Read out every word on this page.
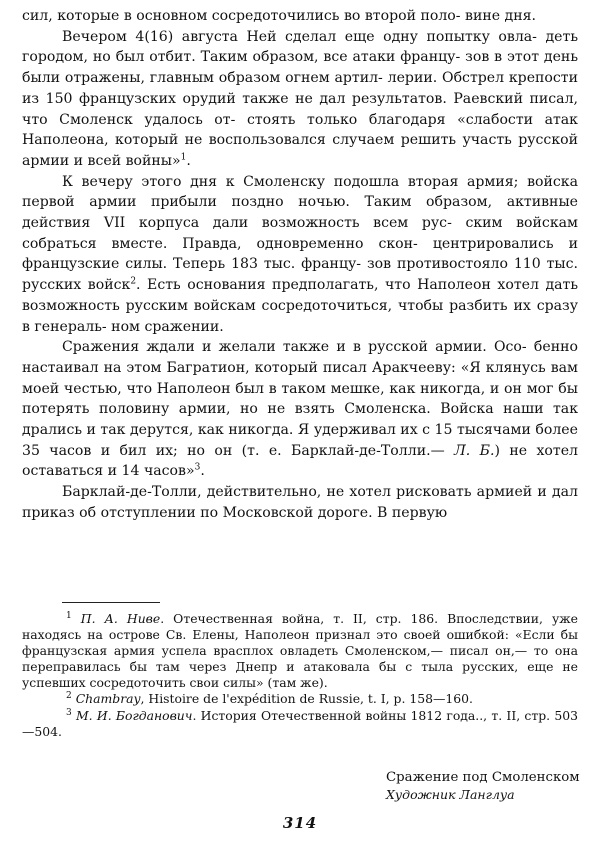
сил, которые в основном сосредоточились во второй поло- вине дня.

Вечером 4(16) августа Ней сделал еще одну попытку овла- деть городом, но был отбит. Таким образом, все атаки францу- зов в этот день были отражены, главным образом огнем артил- лерии. Обстрел крепости из 150 французских орудий также не дал результатов. Раевский писал, что Смоленск удалось от- стоять только благодаря «слабости атак Наполеона, который не воспользовался случаем решить участь русской армии и всей войны»$^1$.

К вечеру этого дня к Смоленску подошла вторая армия; войска первой армии прибыли поздно ночью. Таким образом, активные действия VII корпуса дали возможность всем рус- ским войскам собраться вместе. Правда, одновременно скон- центрировались и французские силы. Теперь 183 тыс. францу- зов противостояло 110 тыс. русских войск$^2$. Есть основания предполагать, что Наполеон хотел дать возможность русским войскам сосредоточиться, чтобы разбить их сразу в генераль- ном сражении.

Сражения ждали и желали также и в русской армии. Осо- бенно настаивал на этом Багратион, который писал Аракчееву: «Я клянусь вам моей честью, что Наполеон был в таком мешке, как никогда, и он мог бы потерять половину армии, но не взять Смоленска. Войска наши так дрались и так дерутся, как никогда. Я удерживал их с 15 тысячами более 35 часов и бил их; но он (т. е. Барклай-де-Толли.— Л. Б.) не хотел оставаться и 14 часов»$^3$.

Барклай-де-Толли, действительно, не хотел рисковать армией и дал приказ об отступлении по Московской дороге. В первую

$^1$ П. А. Ниве. Отечественная война, т. II, стр. 186. Впоследствии, уже находясь на острове Св. Елены, Наполеон признал это своей ошибкой: «Если бы французская армия успела врасплох овладеть Смоленском,— писал он,— то она переправилась бы там через Днепр и атаковала бы с тыла русских, еще не успевших сосредоточить свои силы» (там же).

$^2$ Chambray, Histoire de l'expédition de Russie, t. I, p. 158—160.

$^3$ М. И. Богданович. История Отечественной войны 1812 года.., т. II, стр. 503—504.

Сражение под Смоленском
Художник Ланглуа
314
